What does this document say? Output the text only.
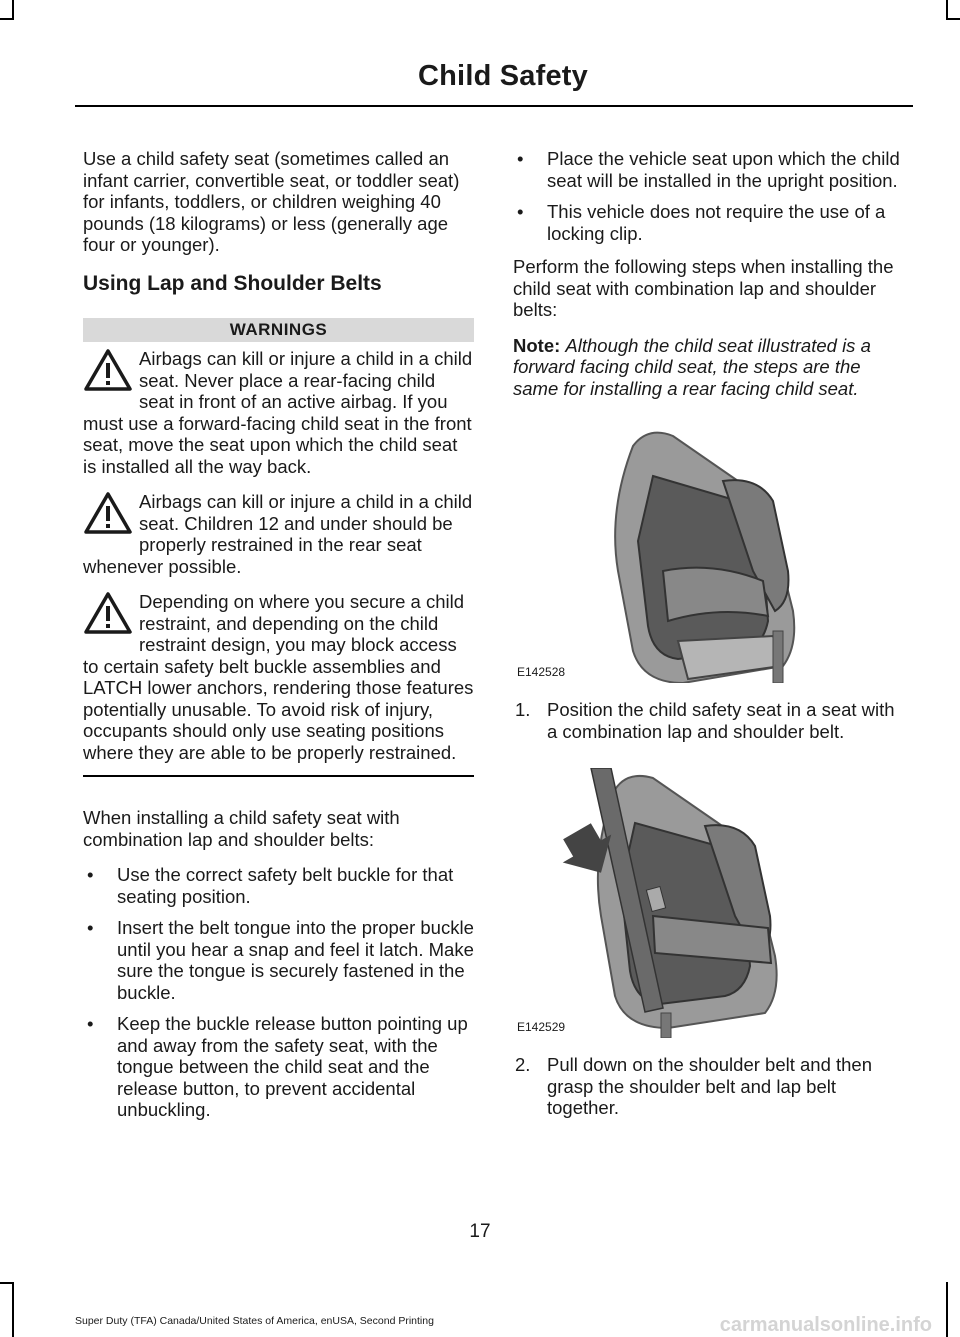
Child Safety

Use a child safety seat (sometimes called an infant carrier, convertible seat, or toddler seat) for infants, toddlers, or children weighing 40 pounds (18 kilograms) or less (generally age four or younger).

Using Lap and Shoulder Belts
WARNINGS
Airbags can kill or injure a child in a child seat. Never place a rear-facing child seat in front of an active airbag. If you must use a forward-facing child seat in the front seat, move the seat upon which the child seat is installed all the way back.
Airbags can kill or injure a child in a child seat. Children 12 and under should be properly restrained in the rear seat whenever possible.
Depending on where you secure a child restraint, and depending on the child restraint design, you may block access to certain safety belt buckle assemblies and LATCH lower anchors, rendering those features potentially unusable. To avoid risk of injury, occupants should only use seating positions where they are able to be properly restrained.

When installing a child safety seat with combination lap and shoulder belts:

• Use the correct safety belt buckle for that seating position.
• Insert the belt tongue into the proper buckle until you hear a snap and feel it latch. Make sure the tongue is securely fastened in the buckle.
• Keep the buckle release button pointing up and away from the safety seat, with the tongue between the child seat and the release button, to prevent accidental unbuckling.
• Place the vehicle seat upon which the child seat will be installed in the upright position.
• This vehicle does not require the use of a locking clip.

Perform the following steps when installing the child seat with combination lap and shoulder belts:

Note: Although the child seat illustrated is a forward facing child seat, the steps are the same for installing a rear facing child seat.

E142528
1. Position the child safety seat in a seat with a combination lap and shoulder belt.
E142529
2. Pull down on the shoulder belt and then grasp the shoulder belt and lap belt together.
17
Super Duty (TFA) Canada/United States of America, enUSA, Second Printing	carmanualsonline.info
